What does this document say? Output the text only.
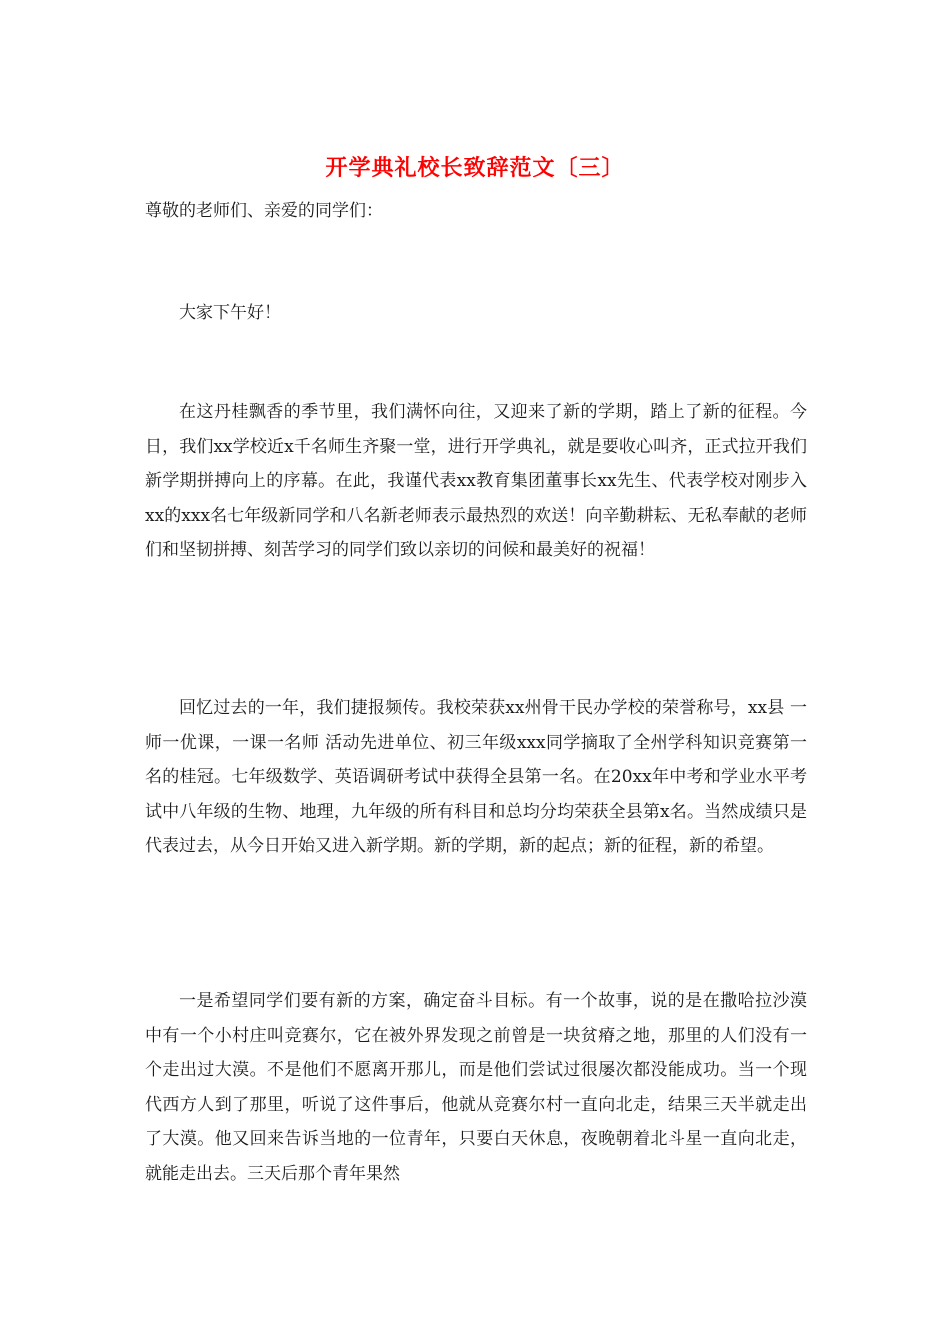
开学典礼校长致辞范文〔三〕
尊敬的老师们、亲爱的同学们：
大家下午好！
在这丹桂飘香的季节里，我们满怀向往，又迎来了新的学期，踏上了新的征程。今日，我们xx学校近x千名师生齐聚一堂，进行开学典礼，就是要收心叫齐，正式拉开我们新学期拼搏向上的序幕。在此，我谨代表xx教育集团董事长xx先生、代表学校对刚步入xx的xxx名七年级新同学和八名新老师表示最热烈的欢送！向辛勤耕耘、无私奉献的老师们和坚韧拼搏、刻苦学习的同学们致以亲切的问候和最美好的祝福！
回忆过去的一年，我们捷报频传。我校荣获xx州骨干民办学校的荣誉称号，xx县 一师一优课，一课一名师 活动先进单位、初三年级xxx同学摘取了全州学科知识竞赛第一名的桂冠。七年级数学、英语调研考试中获得全县第一名。在20xx年中考和学业水平考试中八年级的生物、地理，九年级的所有科目和总均分均荣获全县第x名。当然成绩只是代表过去，从今日开始又进入新学期。新的学期，新的起点；新的征程，新的希望。
一是希望同学们要有新的方案，确定奋斗目标。有一个故事，说的是在撒哈拉沙漠中有一个小村庄叫竞赛尔，它在被外界发现之前曾是一块贫瘠之地，那里的人们没有一个走出过大漠。不是他们不愿离开那儿，而是他们尝试过很屡次都没能成功。当一个现代西方人到了那里，听说了这件事后，他就从竞赛尔村一直向北走，结果三天半就走出了大漠。他又回来告诉当地的一位青年，只要白天休息，夜晚朝着北斗星一直向北走，就能走出去。三天后那个青年果然
